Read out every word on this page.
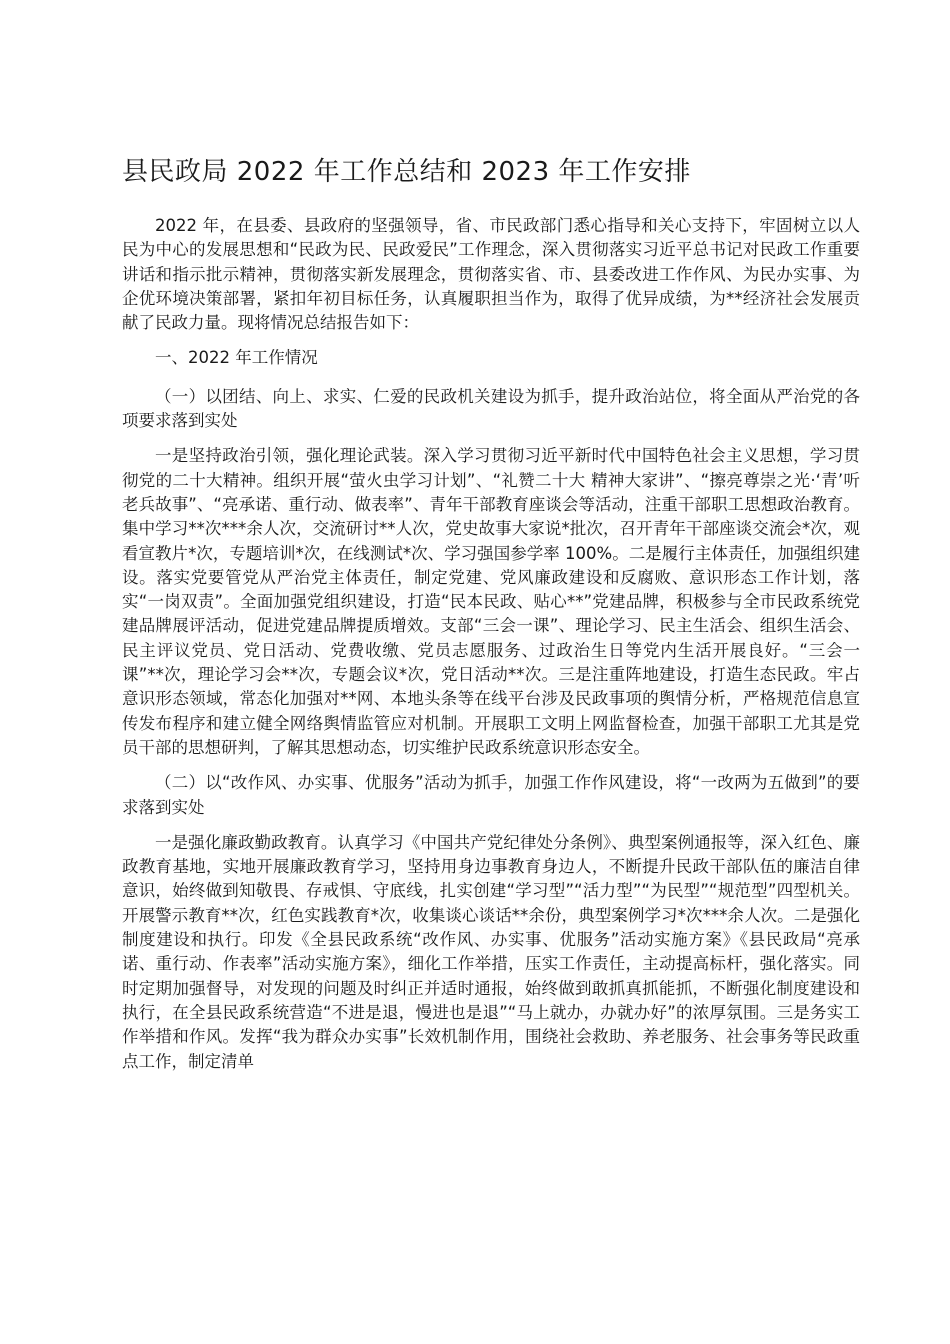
县民政局 2022 年工作总结和 2023 年工作安排

2022 年，在县委、县政府的坚强领导，省、市民政部门悉心指导和关心支持下，牢固树立以人民为中心的发展思想和“民政为民、民政爱民”工作理念，深入贯彻落实习近平总书记对民政工作重要讲话和指示批示精神，贯彻落实新发展理念，贯彻落实省、市、县委改进工作作风、为民办实事、为企优环境决策部署，紧扣年初目标任务，认真履职担当作为，取得了优异成绩，为**经济社会发展贡献了民政力量。现将情况总结报告如下：

一、2022 年工作情况

（一）以团结、向上、求实、仁爱的民政机关建设为抓手，提升政治站位，将全面从严治党的各项要求落到实处

一是坚持政治引领，强化理论武装。深入学习贯彻习近平新时代中国特色社会主义思想，学习贯彻党的二十大精神。组织开展“萤火虫学习计划”、“礼赞二十大 精神大家讲”、“擦亮尊崇之光·‘青’听老兵故事”、“亮承诺、重行动、做表率”、青年干部教育座谈会等活动，注重干部职工思想政治教育。集中学习**次***余人次，交流研讨**人次，党史故事大家说*批次，召开青年干部座谈交流会*次，观看宣教片*次，专题培训*次，在线测试*次、学习强国参学率 100%。二是履行主体责任，加强组织建设。落实党要管党从严治党主体责任，制定党建、党风廉政建设和反腐败、意识形态工作计划，落实“一岗双责”。全面加强党组织建设，打造“民本民政、贴心**”党建品牌，积极参与全市民政系统党建品牌展评活动，促进党建品牌提质增效。支部“三会一课”、理论学习、民主生活会、组织生活会、民主评议党员、党日活动、党费收缴、党员志愿服务、过政治生日等党内生活开展良好。“三会一课”**次，理论学习会**次，专题会议*次，党日活动**次。三是注重阵地建设，打造生态民政。牢占意识形态领域，常态化加强对**网、本地头条等在线平台涉及民政事项的舆情分析，严格规范信息宣传发布程序和建立健全网络舆情监管应对机制。开展职工文明上网监督检查，加强干部职工尤其是党员干部的思想研判，了解其思想动态，切实维护民政系统意识形态安全。

（二）以“改作风、办实事、优服务”活动为抓手，加强工作作风建设，将“一改两为五做到”的要求落到实处

一是强化廉政勤政教育。认真学习《中国共产党纪律处分条例》、典型案例通报等，深入红色、廉政教育基地，实地开展廉政教育学习，坚持用身边事教育身边人，不断提升民政干部队伍的廉洁自律意识，始终做到知敬畏、存戒惧、守底线，扎实创建“学习型”“活力型”“为民型”“规范型”四型机关。开展警示教育**次，红色实践教育*次，收集谈心谈话**余份，典型案例学习*次***余人次。二是强化制度建设和执行。印发《全县民政系统“改作风、办实事、优服务”活动实施方案》《县民政局“亮承诺、重行动、作表率”活动实施方案》，细化工作举措，压实工作责任，主动提高标杆，强化落实。同时定期加强督导，对发现的问题及时纠正并适时通报，始终做到敢抓真抓能抓，不断强化制度建设和执行，在全县民政系统营造“不进是退，慢进也是退”“马上就办，办就办好”的浓厚氛围。三是务实工作举措和作风。发挥“我为群众办实事”长效机制作用，围绕社会救助、养老服务、社会事务等民政重点工作，制定清单
